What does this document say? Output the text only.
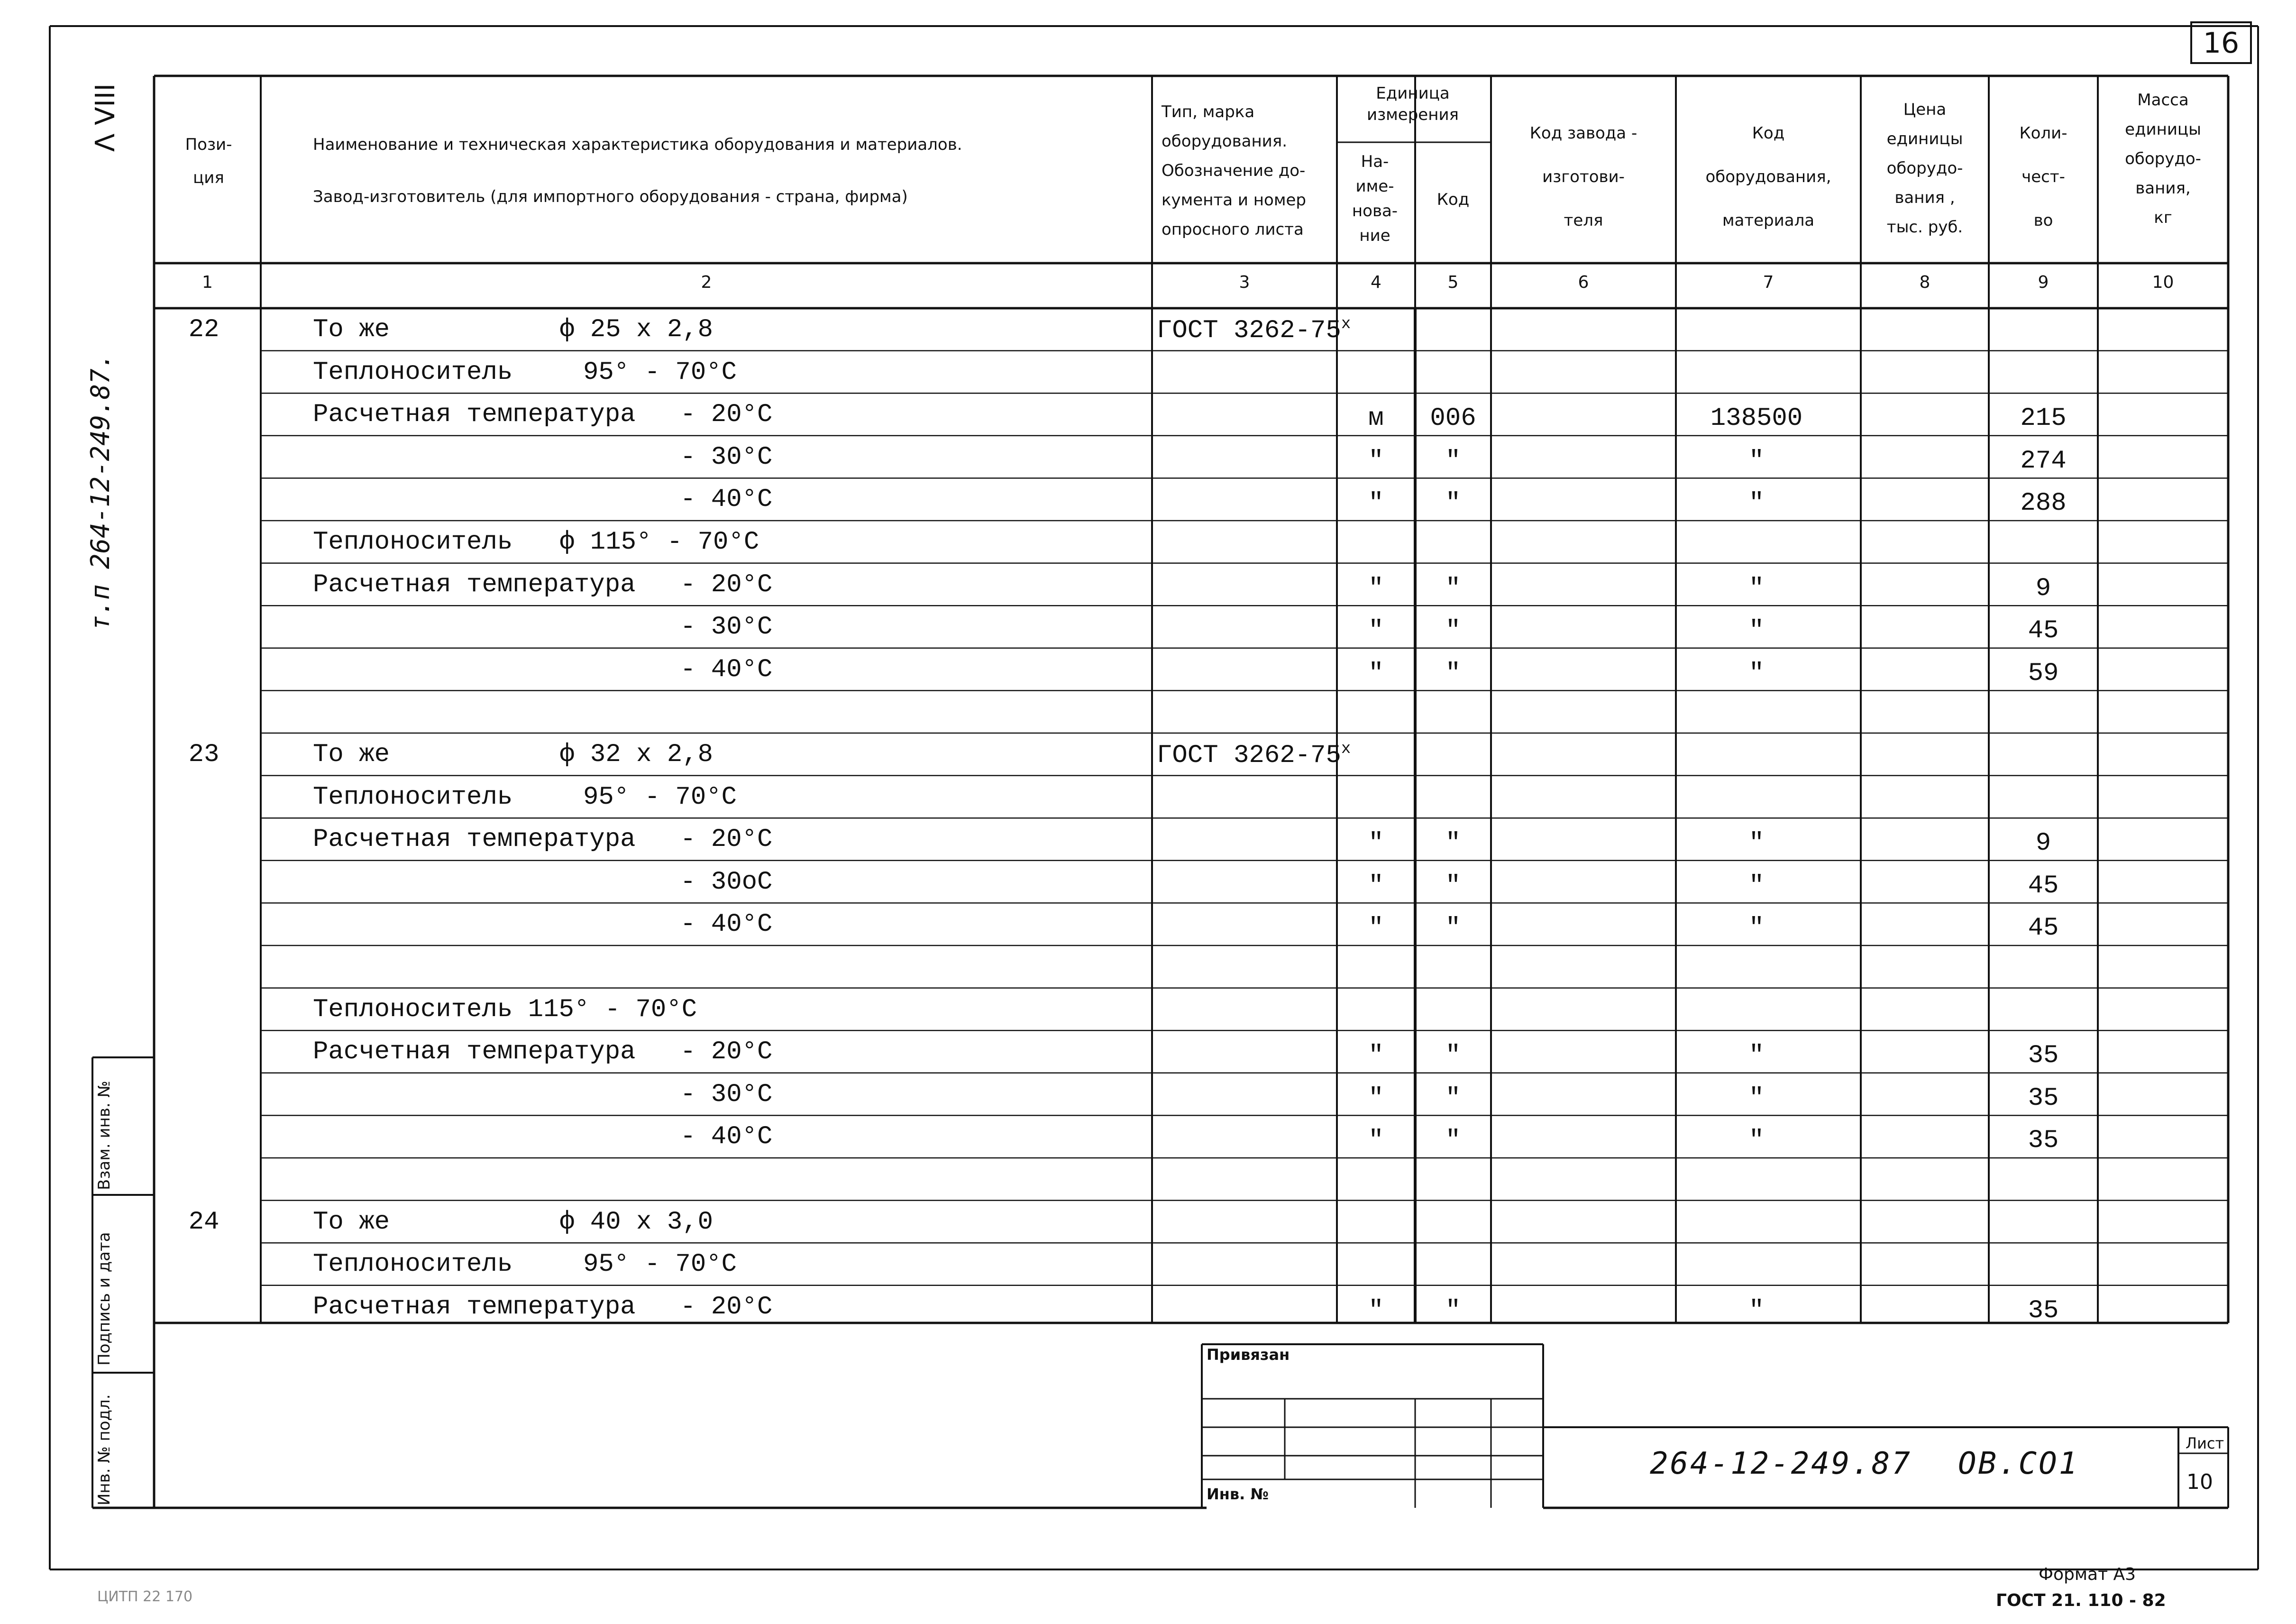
16
Λ VIII
т.п 264-12-249.87.
Взам. инв. №
Подпись и дата
Инв. № подл.
Пози-
ция
Наименование и техническая характеристика оборудования и материалов.
Завод-изготовитель (для импортного оборудования - страна, фирма)
Тип, марка
оборудования.
Обозначение до-
кумента и номер
опросного листа
Единица измерения
На-
име-
нова-
ние
Код
Код завода -
изготови-
теля
Код
оборудования,
материала
Цена
единицы
оборудо-
вания ,
тыс. руб.
Коли-
чест-
во
Масса
единицы
оборудо-
вания,
кг
1	2	3	4	5	6	7	8	9	10
22	То же	ф 25 х 2,8	ГОСТ $3262-75^х$
Теплоноситель	95° - 70°С
Расчетная температура - 20°С	м	006	138500	215
- 30°С	"	"	"	274
- 40°С	"	"	"	288
Теплоноситель ф 115° - 70°С
Расчетная температура - 20°С	"	"	"	9
- 30°С	"	"	"	45
- 40°С	"	"	"	59
23	То же	ф 32 х 2,8	ГОСТ $3262-75^х$
Теплоноситель	95° - 70°С
Расчетная температура - 20°С	"	"	"	9
- 30оС	"	"	"	45
- 40°С	"	"	"	45
Теплоноситель 115° - 70°С
Расчетная температура - 20°С	"	"	"	35
- 30°С	"	"	"	35
- 40°С	"	"	"	35
24	То же	ф 40 х 3,0
Теплоноситель	95° - 70°С
Расчетная температура - 20°С	"	"	"	35
Привязан
Инв. №
264-12-249.87 ОВ.СО1
Лист
10
Формат А3
ГОСТ 21. 110 - 82
ЦИТП 22 170
